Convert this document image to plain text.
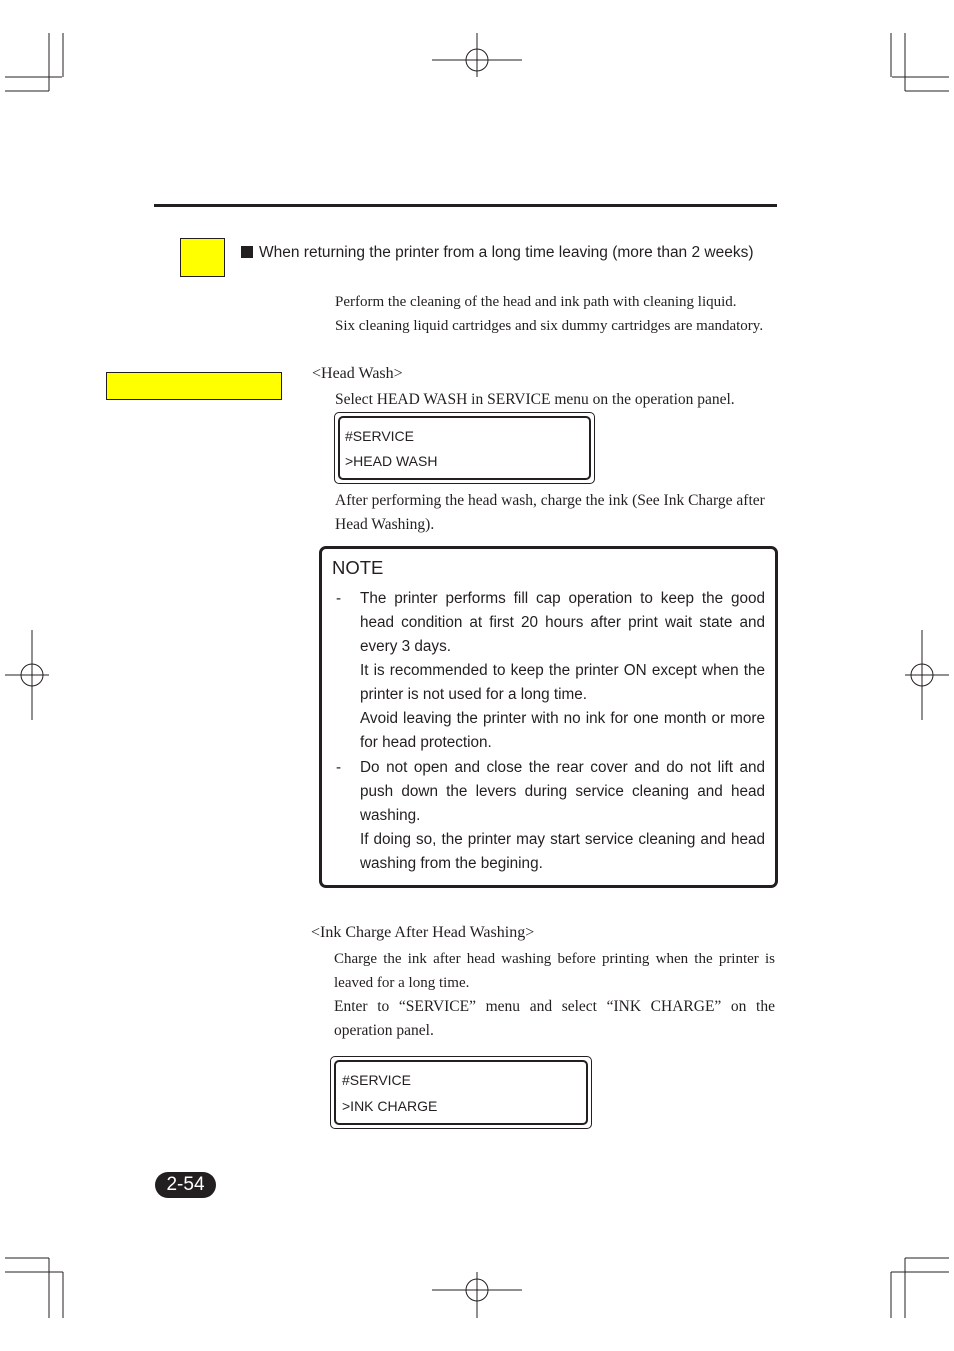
When returning the printer from a long time leaving (more than 2 weeks)

Perform the cleaning of the head and ink path with cleaning liquid.

Six cleaning liquid cartridges and six dummy cartridges are mandatory.

<Head Wash>
Select HEAD WASH in SERVICE menu on the operation panel.
#SERVICE
>HEAD WASH
After performing the head wash, charge the ink (See Ink Charge after Head Washing).
NOTE
- The printer performs fill cap operation to keep the good head condition at first 20 hours after print wait state and every 3 days.

It is recommended to keep the printer ON except when the printer is not used for a long time.

Avoid leaving the printer with no ink for one month or more for head protection.

- Do not open and close the rear cover and do not lift and push down the levers during service cleaning and head washing.

If doing so, the printer may start service cleaning and head washing from the begining.

<Ink Charge After Head Washing>
Charge the ink after head washing before printing when the printer is leaved for a long time.
Enter to “SERVICE” menu and select “INK CHARGE” on the operation panel.
#SERVICE
>INK CHARGE
2-54
